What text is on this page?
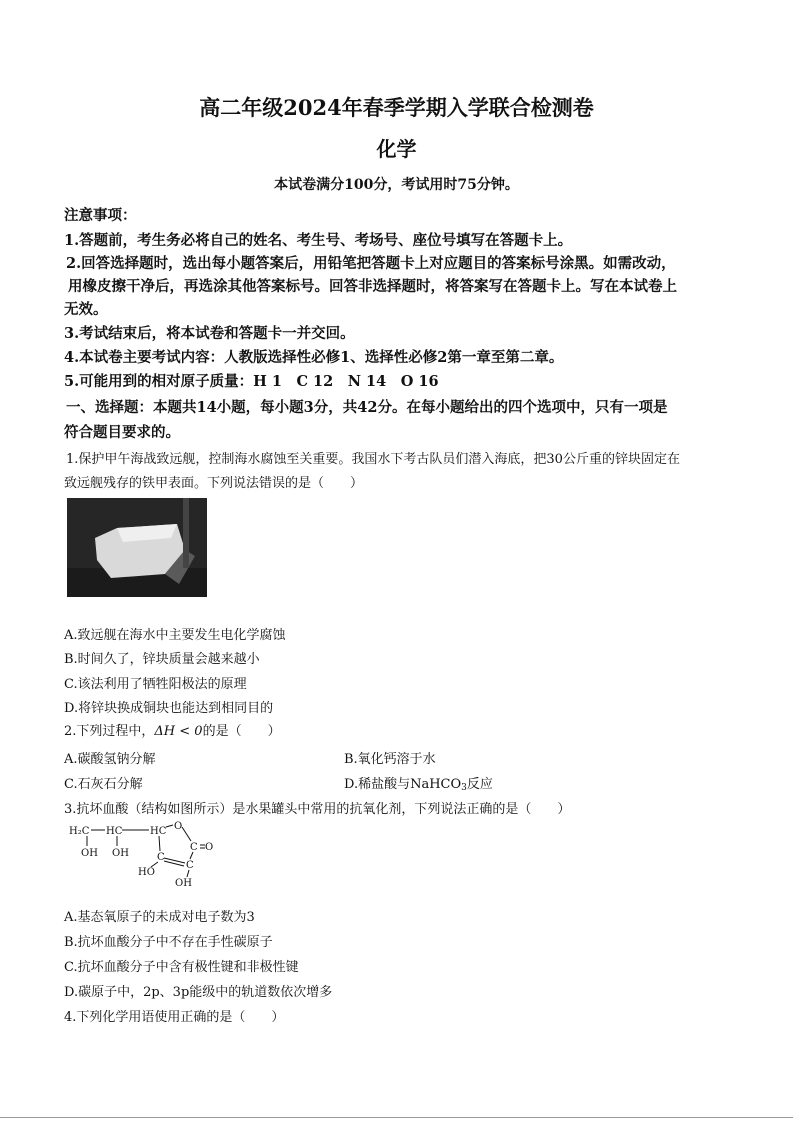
高二年级2024年春季学期入学联合检测卷
化学
本试卷满分100分，考试用时75分钟。
注意事项：
1.答题前，考生务必将自己的姓名、考生号、考场号、座位号填写在答题卡上。
2.回答选择题时，选出每小题答案后，用铅笔把答题卡上对应题目的答案标号涂黑。如需改动，
用橡皮擦干净后，再选涂其他答案标号。回答非选择题时，将答案写在答题卡上。写在本试卷上
无效。
3.考试结束后，将本试卷和答题卡一并交回。
4.本试卷主要考试内容：人教版选择性必修1、选择性必修2第一章至第二章。
5.可能用到的相对原子质量：H 1　C 12　N 14　O 16
一、选择题：本题共14小题，每小题3分，共42分。在每小题给出的四个选项中，只有一项是
符合题目要求的。
1.保护甲午海战致远舰，控制海水腐蚀至关重要。我国水下考古队员们潜入海底，把30公斤重的锌块固定在
致远舰残存的铁甲表面。下列说法错误的是（　　）
A.致远舰在海水中主要发生电化学腐蚀
B.时间久了，锌块质量会越来越小
C.该法利用了牺牲阳极法的原理
D.将锌块换成铜块也能达到相同目的
2.下列过程中，ΔH < 0的是（　　）
A.碳酸氢钠分解	B.氧化钙溶于水
C.石灰石分解	D.稀盐酸与NaHCO$_3$反应
3.抗坏血酸（结构如图所示）是水果罐头中常用的抗氧化剂，下列说法正确的是（　　）
H₂C HC	HC O
C O
C
C
OH OH
HO
OH
A.基态氧原子的未成对电子数为3
B.抗坏血酸分子中不存在手性碳原子
C.抗坏血酸分子中含有极性键和非极性键
D.碳原子中，2p、3p能级中的轨道数依次增多
4.下列化学用语使用正确的是（　　）
